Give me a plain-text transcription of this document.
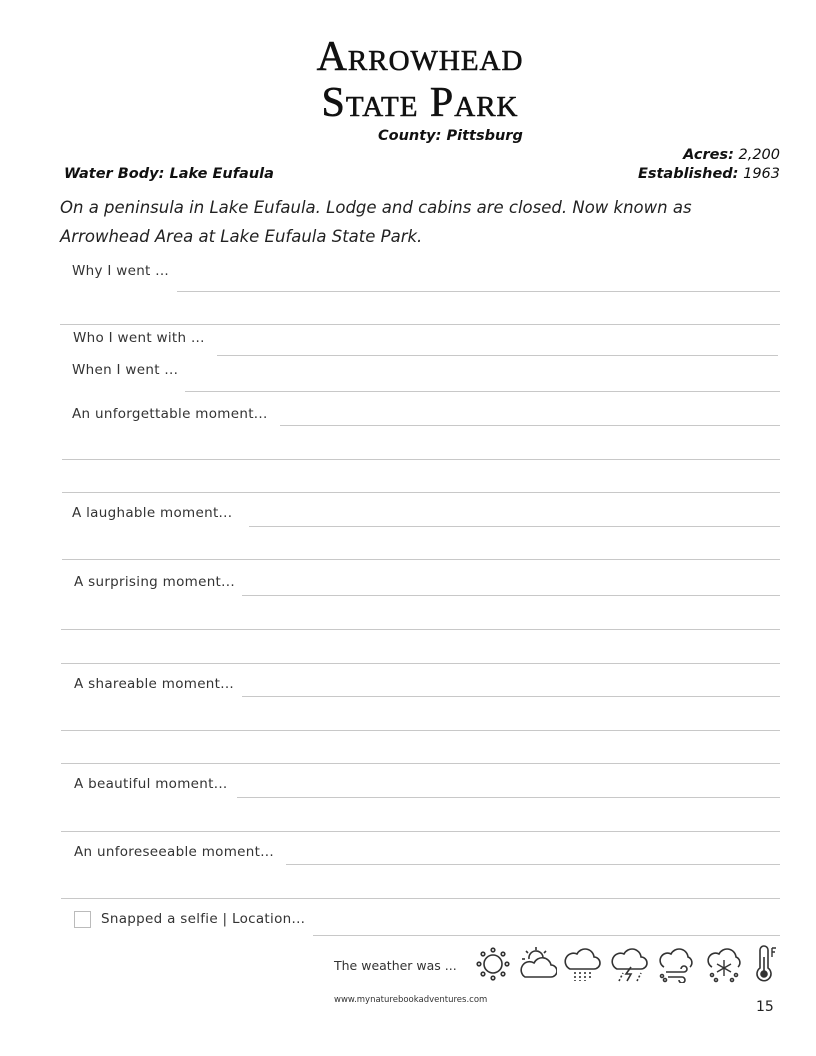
Arrowhead
State Park
County: Pittsburg
Acres: 2,200
Established: 1963
Water Body: Lake Eufaula
On a peninsula in Lake Eufaula. Lodge and cabins are closed. Now known as
Arrowhead Area at Lake Eufaula State Park.
Why I went ...
Who I went with ...
When I went ...
An unforgettable moment...
A laughable moment...
A surprising moment...
A shareable moment...
A beautiful moment...
An unforeseeable moment...
Snapped a selfie | Location...
The weather was ...
www.mynaturebookadventures.com	15
